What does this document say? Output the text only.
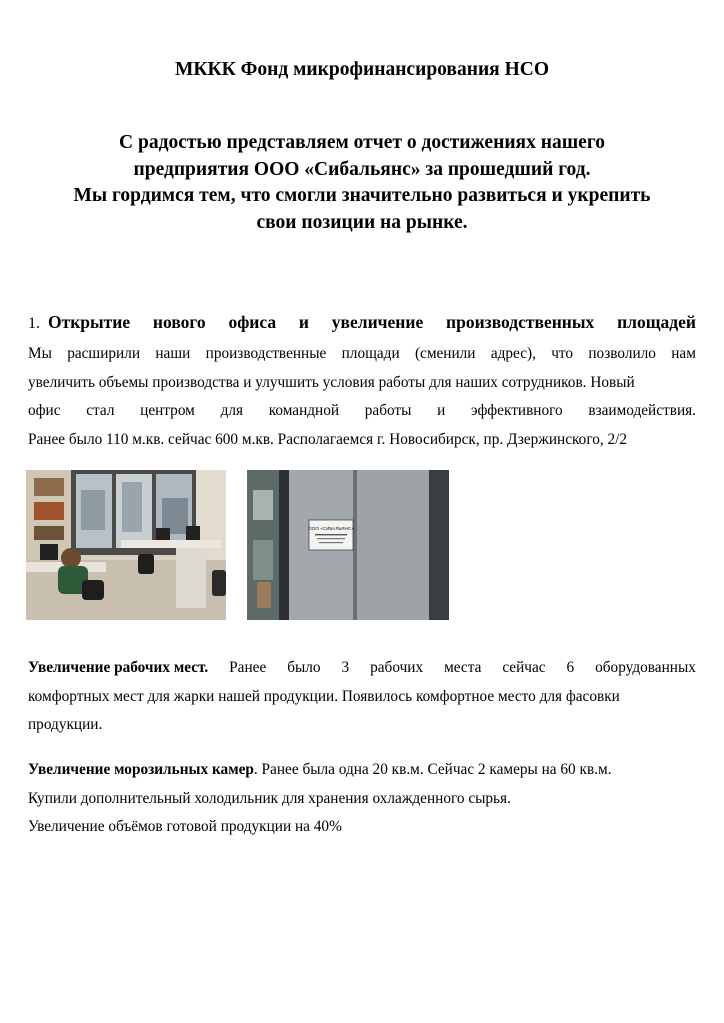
МККК Фонд микрофинансирования НСО
С радостью представляем отчет о достижениях нашего
предприятия ООО «Сибальянс» за прошедший год.
Мы гордимся тем, что смогли значительно развиться и укрепить
свои позиции на рынке.
1. Открытие нового офиса и увеличение производственных площадей
Мы расширили наши производственные площади (сменили адрес), что позволило нам
увеличить объемы производства и улучшить условия работы для наших сотрудников. Новый
офис стал центром для командной работы и эффективного взаимодействия.
Ранее было 110 м.кв. сейчас 600 м.кв. Располагаемся г. Новосибирск, пр. Дзержинского, 2/2
ООО «СИБАЛЬЯНС»
Увеличение рабочих мест. Ранее было 3 рабочих места сейчас 6 оборудованных
комфортных мест для жарки нашей продукции. Появилось комфортное место для фасовки
продукции.
Увеличение морозильных камер. Ранее была одна 20 кв.м. Сейчас 2 камеры на 60 кв.м.
Купили дополнительный холодильник для хранения охлажденного сырья.
Увеличение объёмов готовой продукции на 40%
